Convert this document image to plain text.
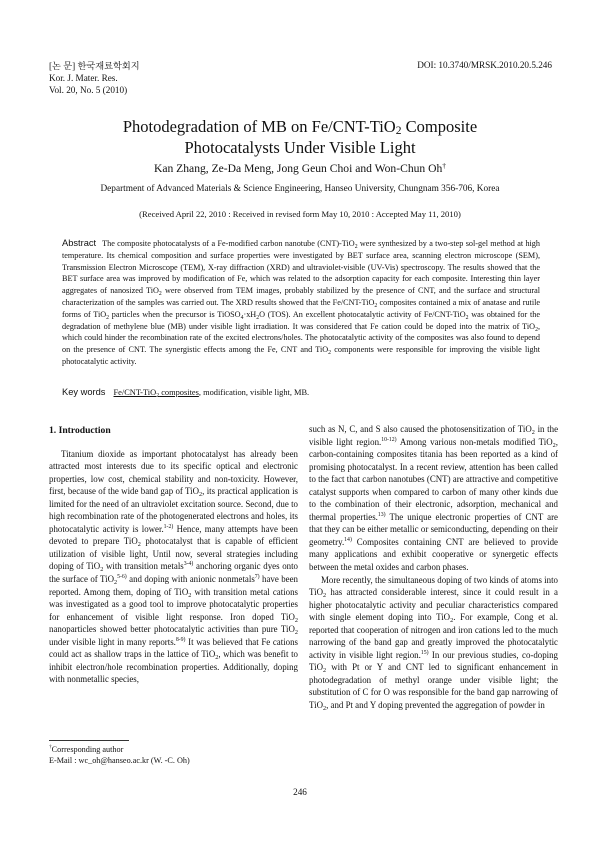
[논 문] 한국재료학회지
Kor. J. Mater. Res.
Vol. 20, No. 5 (2010)
DOI: 10.3740/MRSK.2010.20.5.246
Photodegradation of MB on Fe/CNT-TiO$_2$ Composite
Photocatalysts Under Visible Light
Kan Zhang, Ze-Da Meng, Jong Geun Choi and Won-Chun Oh†
Department of Advanced Materials & Science Engineering, Hanseo University, Chungnam 356-706, Korea
(Received April 22, 2010 : Received in revised form May 10, 2010 : Accepted May 11, 2010)
Abstract The composite photocatalysts of a Fe-modified carbon nanotube (CNT)-TiO$_2$ were synthesized by a two-step sol-gel method at high temperature. Its chemical composition and surface properties were investigated by BET surface area, scanning electron microscope (SEM), Transmission Electron Microscope (TEM), X-ray diffraction (XRD) and ultraviolet-visible (UV-Vis) spectroscopy. The results showed that the BET surface area was improved by modification of Fe, which was related to the adsorption capacity for each composite. Interesting thin layer aggregates of nanosized TiO$_2$ were observed from TEM images, probably stabilized by the presence of CNT, and the surface and structural characterization of the samples was carried out. The XRD results showed that the Fe/CNT-TiO$_2$ composites contained a mix of anatase and rutile forms of TiO$_2$ particles when the precursor is $TiOSO_4\cdot xH_2O$ (TOS). An excellent photocatalytic activity of Fe/CNT-TiO$_2$ was obtained for the degradation of methylene blue (MB) under visible light irradiation. It was considered that Fe cation could be doped into the matrix of TiO$_2$, which could hinder the recombination rate of the excited electrons/holes. The photocatalytic activity of the composites was also found to depend on the presence of CNT. The synergistic effects among the Fe, CNT and TiO$_2$ components were responsible for improving the visible light photocatalytic activity.
Key words Fe/CNT-TiO$_2$ composites, modification, visible light, MB.
1. Introduction

Titanium dioxide as important photocatalyst has already been attracted most interests due to its specific optical and electronic properties, low cost, chemical stability and non-toxicity. However, first, because of the wide band gap of TiO$_2$, its practical application is limited for the need of an ultraviolet excitation source. Second, due to high recombination rate of the photogenerated electrons and holes, its photocatalytic activity is lower.$^{1-2)}$ Hence, many attempts have been devoted to prepare TiO$_2$ photocatalyst that is capable of efficient utilization of visible light, Until now, several strategies including doping of TiO$_2$ with transition metals$^{3-4)}$ anchoring organic dyes onto the surface of TiO$_2^{5-6)}$ and doping with anionic nonmetals$^{7)}$ have been reported. Among them, doping of TiO$_2$ with transition metal cations was investigated as a good tool to improve photocatalytic properties for enhancement of visible light response. Iron doped TiO$_2$ nanoparticles showed better photocatalytic activities than pure TiO$_2$ under visible light in many reports.$^{8-9)}$ It was believed that Fe cations could act as shallow traps in the lattice of TiO$_2$, which was benefit to inhibit electron/hole recombination properties. Additionally, doping with nonmetallic species,

such as N, C, and S also caused the photosensitization of TiO$_2$ in the visible light region.$^{10-12)}$ Among various non-metals modified TiO$_2$, carbon-containing composites titania has been reported as a kind of promising photocatalyst. In a recent review, attention has been called to the fact that carbon nanotubes (CNT) are attractive and competitive catalyst supports when compared to carbon of many other kinds due to the combination of their electronic, adsorption, mechanical and thermal properties.$^{13)}$ The unique electronic properties of CNT are that they can be either metallic or semiconducting, depending on their geometry.$^{14)}$ Composites containing CNT are believed to provide many applications and exhibit cooperative or synergetic effects between the metal oxides and carbon phases.

More recently, the simultaneous doping of two kinds of atoms into TiO$_2$ has attracted considerable interest, since it could result in a higher photocatalytic activity and peculiar characteristics compared with single element doping into TiO$_2$. For example, Cong et al. reported that cooperation of nitrogen and iron cations led to the much narrowing of the band gap and greatly improved the photocatalytic activity in visible light region.$^{15)}$ In our previous studies, co-doping TiO$_2$ with Pt or Y and CNT led to significant enhancement in photodegradation of methyl orange under visible light; the substitution of C for O was responsible for the band gap narrowing of TiO$_2$, and Pt and Y doping prevented the aggregation of powder in

†Corresponding author
E-Mail : wc_oh@hanseo.ac.kr (W. -C. Oh)
246
